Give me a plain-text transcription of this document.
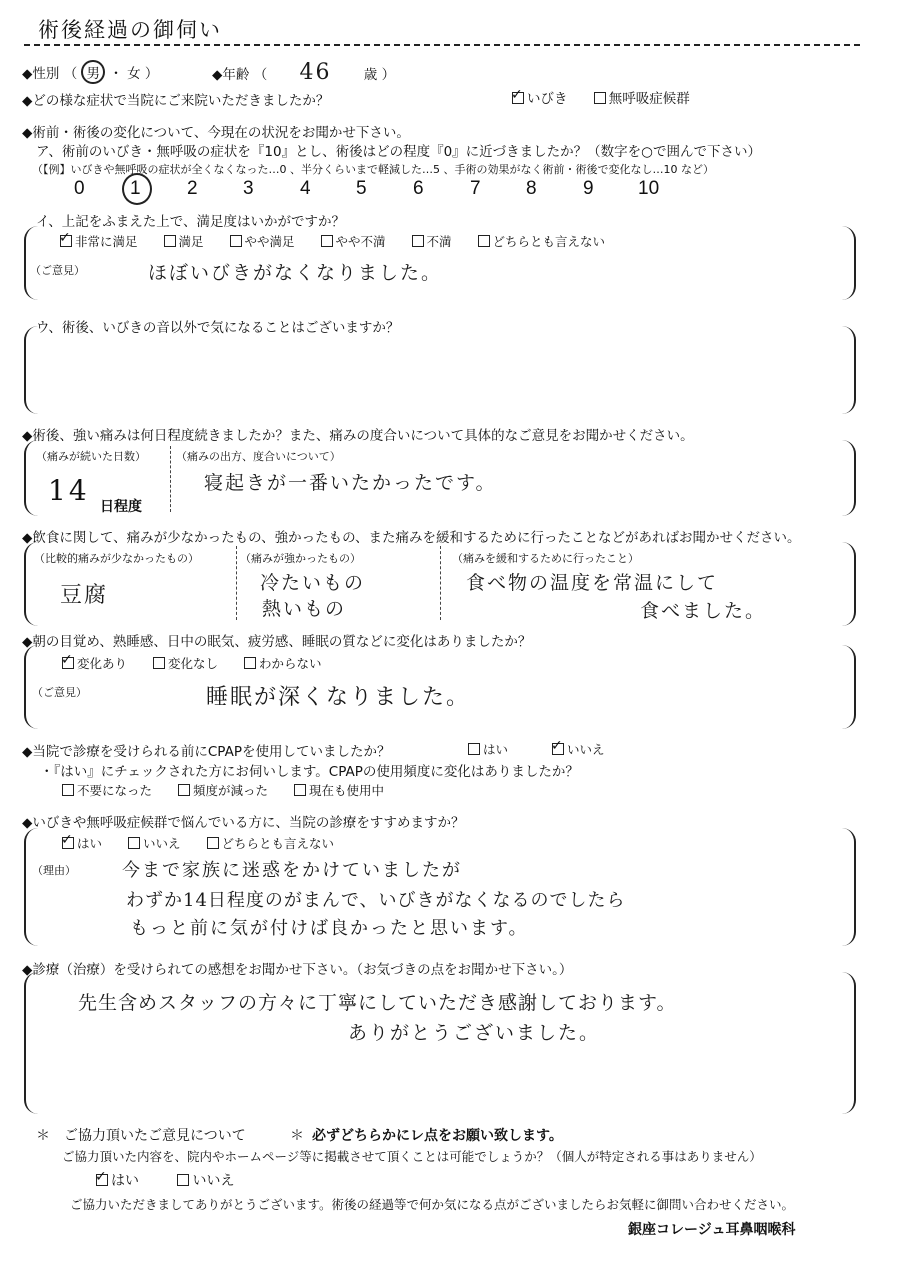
術後経過の御伺い
◆性別 （ 男 ・ 女 ）	◆年齢 （ 46 歳 ）
◆どの様な症状で当院にご来院いただきましたか？ ✓	いびき	無呼吸症候群
◆術前・術後の変化について、今現在の状況をお聞かせ下さい。
ア、術前のいびき・無呼吸の症状を『10』とし、術後はどの程度『0』に近づきましたか？（数字を○で囲んで下さい）
（【例】いびきや無呼吸の症状が全くなくなった…0 、半分くらいまで軽減した…5 、手術の効果がなく術前・術後で変化なし…10 など）
0 1 2 3 4 5 6 7 8 9 10
イ、上記をふまえた上で、満足度はいかがですか？
✓非常に満足	満足	やや満足	やや不満	不満	どちらとも言えない
（ご意見）	ほぼいびきがなくなりました。
ウ、術後、いびきの音以外で気になることはございますか？
◆術後、強い痛みは何日程度続きましたか？また、痛みの度合いについて具体的なご意見をお聞かせください。
（痛みが続いた日数）
14 日程度
（痛みの出方、度合いについて）
寝起きが一番いたかったです。
◆飲食に関して、痛みが少なかったもの、強かったもの、また痛みを緩和するために行ったことなどがあればお聞かせください。
（比較的痛みが少なかったもの）
豆腐
（痛みが強かったもの）
冷たいもの
熱いもの
（痛みを緩和するために行ったこと）
食べ物の温度を常温にして
食べました。
◆朝の目覚め、熟睡感、日中の眠気、疲労感、睡眠の質などに変化はありましたか？
✓変化あり	変化なし	わからない
（ご意見）	睡眠が深くなりました。
◆当院で診療を受けられる前にCPAPを使用していましたか？	はい ✓	いいえ
・『はい』にチェックされた方にお伺いします。CPAPの使用頻度に変化はありましたか？
不要になった	頻度が減った	現在も使用中
◆いびきや無呼吸症候群で悩んでいる方に、当院の診療をすすめますか？
✓はい	いいえ	どちらとも言えない
（理由）	今まで家族に迷惑をかけていましたが
わずか14日程度のがまんで、いびきがなくなるのでしたら
もっと前に気が付けば良かったと思います。
◆診療（治療）を受けられての感想をお聞かせ下さい。（お気づきの点をお聞かせ下さい。）
先生含めスタッフの方々に丁寧にしていただき感謝しております。
ありがとうございました。
＊　ご協力頂いたご意見について	＊ 必ずどちらかにレ点をお願い致します。
ご協力頂いた内容を、院内やホームページ等に掲載させて頂くことは可能でしょうか？（個人が特定される事はありません）
✓はい	いいえ
ご協力いただきましてありがとうございます。術後の経過等で何か気になる点がございましたらお気軽に御問い合わせください。
銀座コレージュ耳鼻咽喉科
